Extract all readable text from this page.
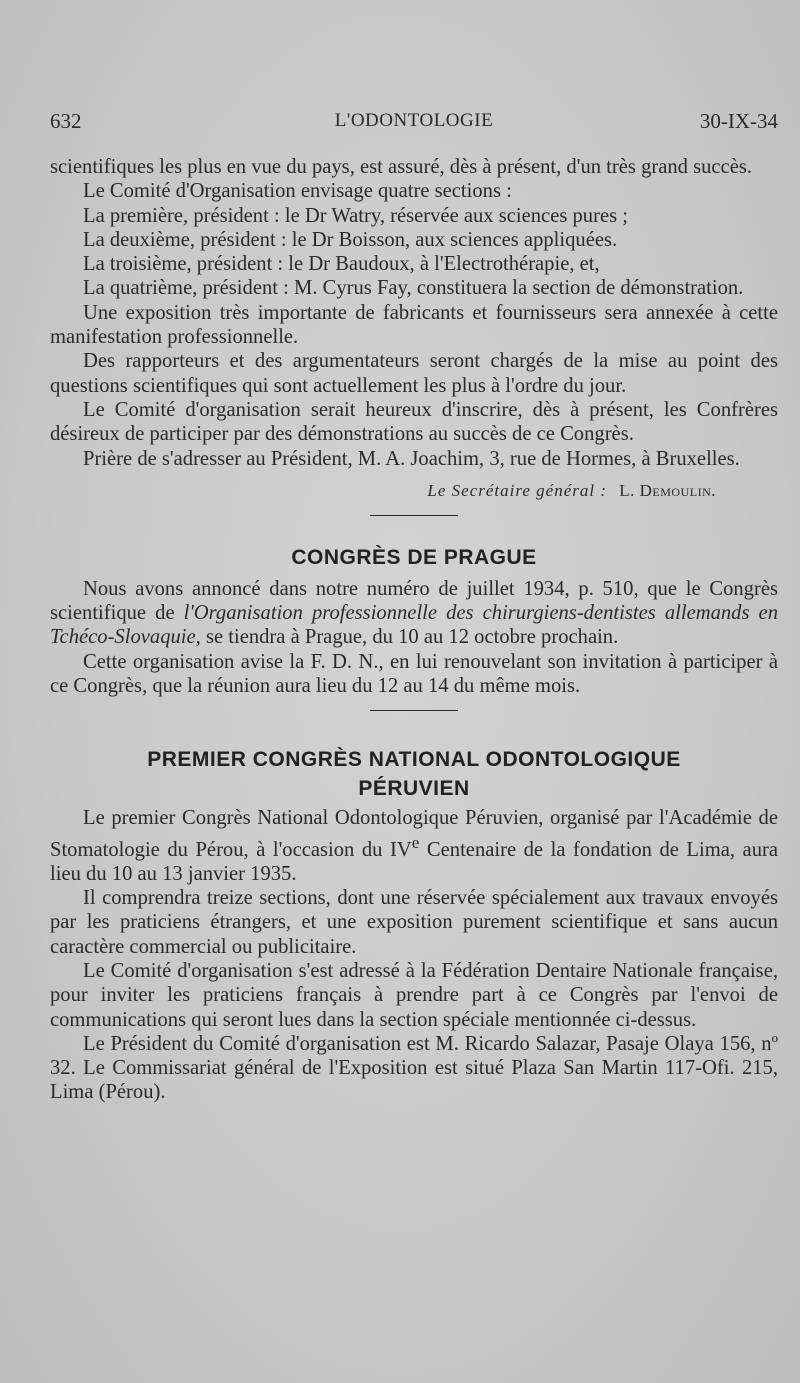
632	L'ODONTOLOGIE	30-IX-34

scientifiques les plus en vue du pays, est assuré, dès à présent, d'un très grand succès.

Le Comité d'Organisation envisage quatre sections :

La première, président : le Dr Watry, réservée aux sciences pures ;

La deuxième, président : le Dr Boisson, aux sciences appliquées.

La troisième, président : le Dr Baudoux, à l'Electrothérapie, et,

La quatrième, président : M. Cyrus Fay, constituera la section de démonstration.

Une exposition très importante de fabricants et fournisseurs sera annexée à cette manifestation professionnelle.

Des rapporteurs et des argumentateurs seront chargés de la mise au point des questions scientifiques qui sont actuellement les plus à l'ordre du jour.

Le Comité d'organisation serait heureux d'inscrire, dès à présent, les Confrères désireux de participer par des démonstrations au succès de ce Congrès.

Prière de s'adresser au Président, M. A. Joachim, 3, rue de Hormes, à Bruxelles.

Le Secrétaire général : L. Demoulin.
CONGRÈS DE PRAGUE

Nous avons annoncé dans notre numéro de juillet 1934, p. 510, que le Congrès scientifique de l'Organisation professionnelle des chirurgiens-dentistes allemands en Tchéco-Slovaquie, se tiendra à Prague, du 10 au 12 octobre prochain.

Cette organisation avise la F. D. N., en lui renouvelant son invitation à participer à ce Congrès, que la réunion aura lieu du 12 au 14 du même mois.

PREMIER CONGRÈS NATIONAL ODONTOLOGIQUE
PÉRUVIEN

Le premier Congrès National Odontologique Péruvien, organisé par l'Académie de Stomatologie du Pérou, à l'occasion du IVe Centenaire de la fondation de Lima, aura lieu du 10 au 13 janvier 1935.

Il comprendra treize sections, dont une réservée spécialement aux travaux envoyés par les praticiens étrangers, et une exposition purement scientifique et sans aucun caractère commercial ou publicitaire.

Le Comité d'organisation s'est adressé à la Fédération Dentaire Nationale française, pour inviter les praticiens français à prendre part à ce Congrès par l'envoi de communications qui seront lues dans la section spéciale mentionnée ci-dessus.

Le Président du Comité d'organisation est M. Ricardo Salazar, Pasaje Olaya 156, nº 32. Le Commissariat général de l'Exposition est situé Plaza San Martin 117-Ofi. 215, Lima (Pérou).
